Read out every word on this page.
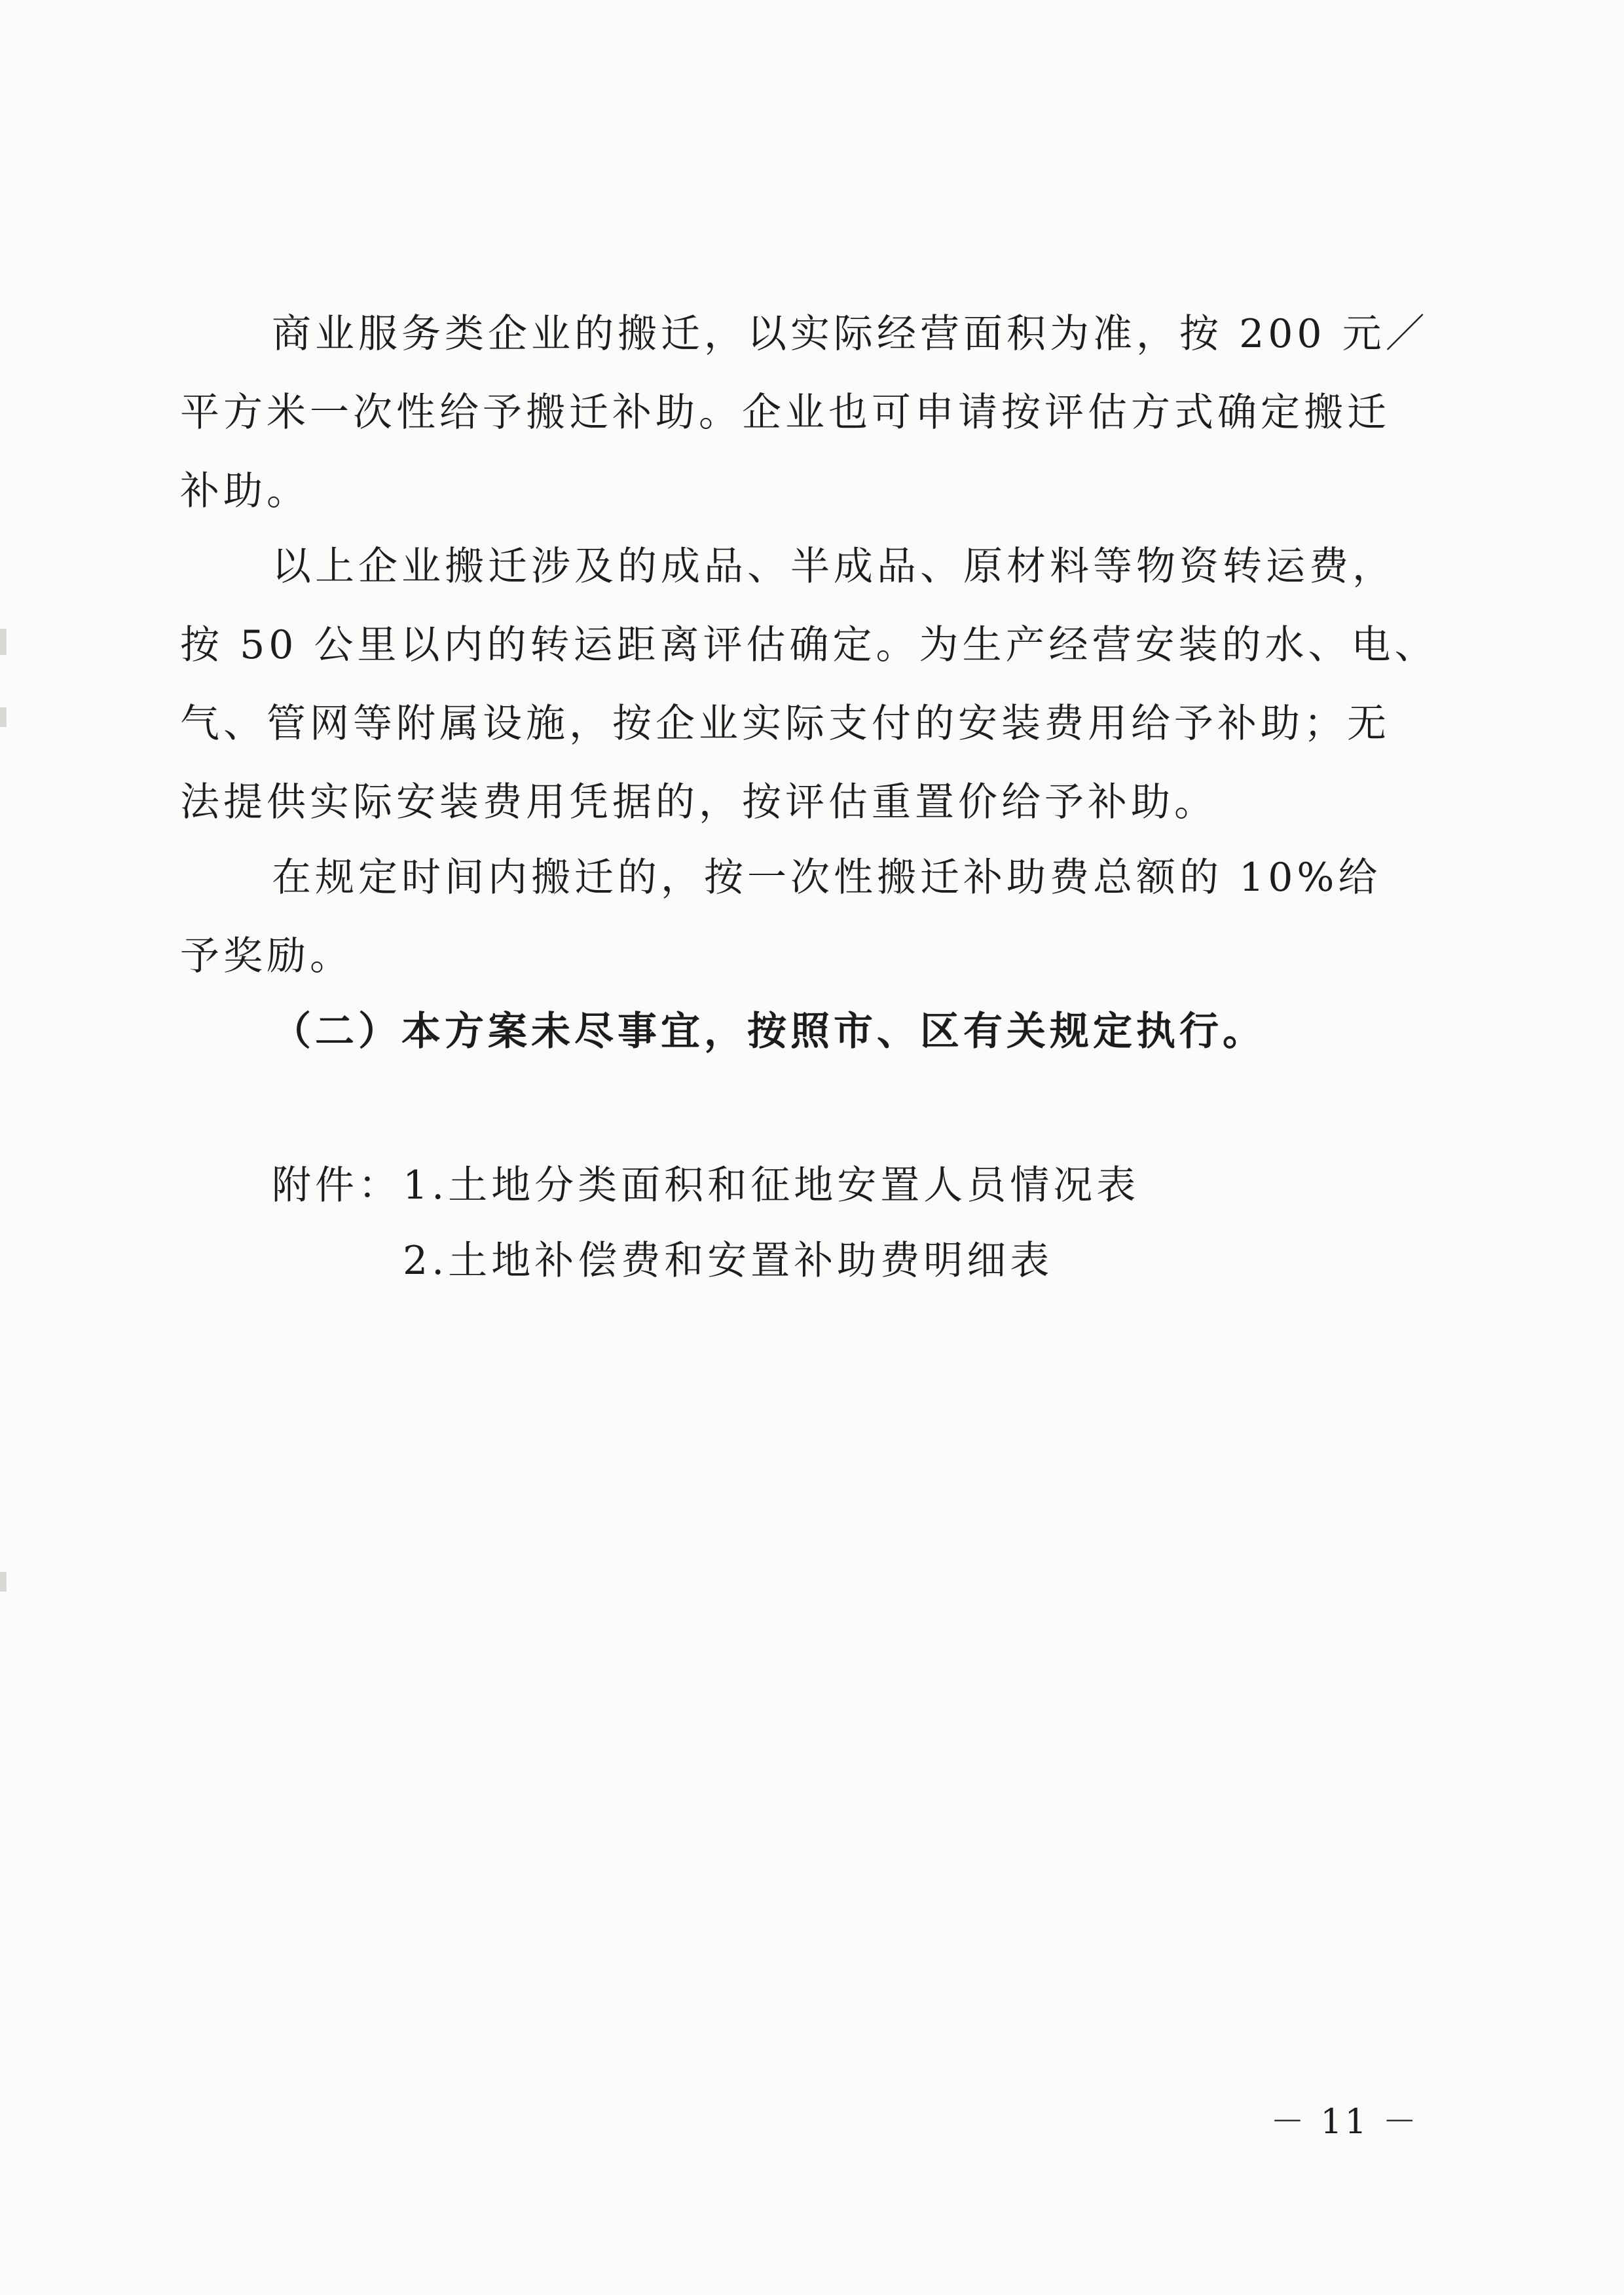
商业服务类企业的搬迁，以实际经营面积为准，按 200 元／
平方米一次性给予搬迁补助。企业也可申请按评估方式确定搬迁
补助。
以上企业搬迁涉及的成品、半成品、原材料等物资转运费，
按 50 公里以内的转运距离评估确定。为生产经营安装的水、电、
气、管网等附属设施，按企业实际支付的安装费用给予补助；无
法提供实际安装费用凭据的，按评估重置价给予补助。
在规定时间内搬迁的，按一次性搬迁补助费总额的 10%给
予奖励。
（二）本方案未尽事宜，按照市、区有关规定执行。
附件： 1.土地分类面积和征地安置人员情况表
2.土地补偿费和安置补助费明细表
－ 11 －
